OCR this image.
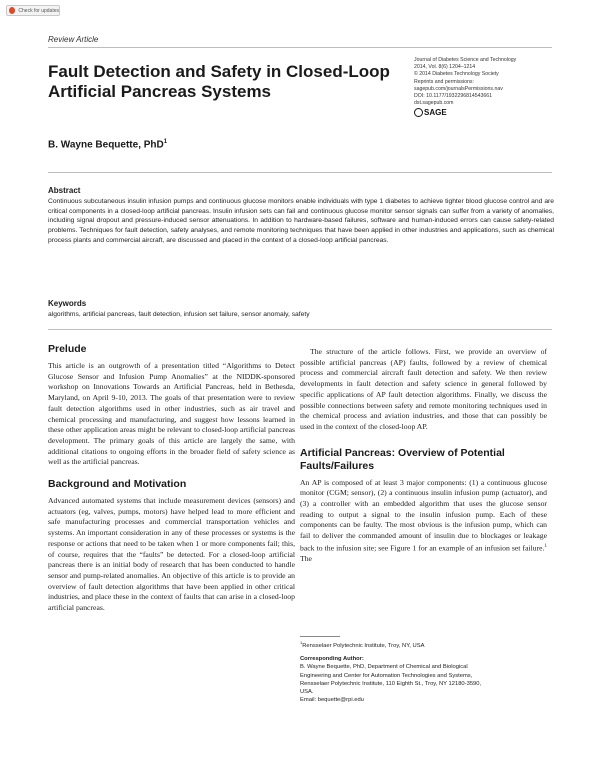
Check for updates
Review Article
Fault Detection and Safety in Closed-Loop Artificial Pancreas Systems
Journal of Diabetes Science and Technology
2014, Vol. 8(6) 1204–1214
© 2014 Diabetes Technology Society
Reprints and permissions:
sagepub.com/journalsPermissions.nav
DOI: 10.1177/1932296814543661
dst.sagepub.com
SAGE
B. Wayne Bequette, PhD$^1$
Abstract

Continuous subcutaneous insulin infusion pumps and continuous glucose monitors enable individuals with type 1 diabetes to achieve tighter blood glucose control and are critical components in a closed-loop artificial pancreas. Insulin infusion sets can fail and continuous glucose monitor sensor signals can suffer from a variety of anomalies, including signal dropout and pressure-induced sensor attenuations. In addition to hardware-based failures, software and human-induced errors can cause safety-related problems. Techniques for fault detection, safety analyses, and remote monitoring techniques that have been applied in other industries and applications, such as chemical process plants and commercial aircraft, are discussed and placed in the context of a closed-loop artificial pancreas.

Keywords

algorithms, artificial pancreas, fault detection, infusion set failure, sensor anomaly, safety

Prelude

This article is an outgrowth of a presentation titled “Algorithms to Detect Glucose Sensor and Infusion Pump Anomalies” at the NIDDK-sponsored workshop on Innovations Towards an Artificial Pancreas, held in Bethesda, Maryland, on April 9-10, 2013. The goals of that presentation were to review fault detection algorithms used in other industries, such as air travel and chemical processing and manufacturing, and suggest how lessons learned in these other application areas might be relevant to closed-loop artificial pancreas development. The primary goals of this article are largely the same, with additional citations to ongoing efforts in the broader field of safety science as well as the artificial pancreas.

Background and Motivation

Advanced automated systems that include measurement devices (sensors) and actuators (eg, valves, pumps, motors) have helped lead to more efficient and safe manufacturing processes and commercial transportation vehicles and systems. An important consideration in any of these processes or systems is the response or actions that need to be taken when 1 or more components fail; this, of course, requires that the “faults” be detected. For a closed-loop artificial pancreas there is an initial body of research that has been conducted to handle sensor and pump-related anomalies. An objective of this article is to provide an overview of fault detection algorithms that have been applied in other critical industries, and place these in the context of faults that can arise in a closed-loop artificial pancreas.

The structure of the article follows. First, we provide an overview of possible artificial pancreas (AP) faults, followed by a review of chemical process and commercial aircraft fault detection and safety. We then review developments in fault detection and safety science in general followed by specific applications of AP fault detection algorithms. Finally, we discuss the possible connections between safety and remote monitoring techniques used in the chemical process and aviation industries, and those that can possibly be used in the context of the closed-loop AP.

Artificial Pancreas: Overview of Potential Faults/Failures

An AP is composed of at least 3 major components: (1) a continuous glucose monitor (CGM; sensor), (2) a continuous insulin infusion pump (actuator), and (3) a controller with an embedded algorithm that uses the glucose sensor reading to output a signal to the insulin infusion pump. Each of these components can be faulty. The most obvious is the infusion pump, which can fail to deliver the commanded amount of insulin due to blockages or leakage back to the infusion site; see Figure 1 for an example of an infusion set failure.$^1$ The

$^1$Rensselaer Polytechnic Institute, Troy, NY, USA
Corresponding Author:
B. Wayne Bequette, PhD, Department of Chemical and Biological
Engineering and Center for Automation Technologies and Systems,
Rensselaer Polytechnic Institute, 110 Eighth St., Troy, NY 12180-3590,
USA.
Email: bequette@rpi.edu
